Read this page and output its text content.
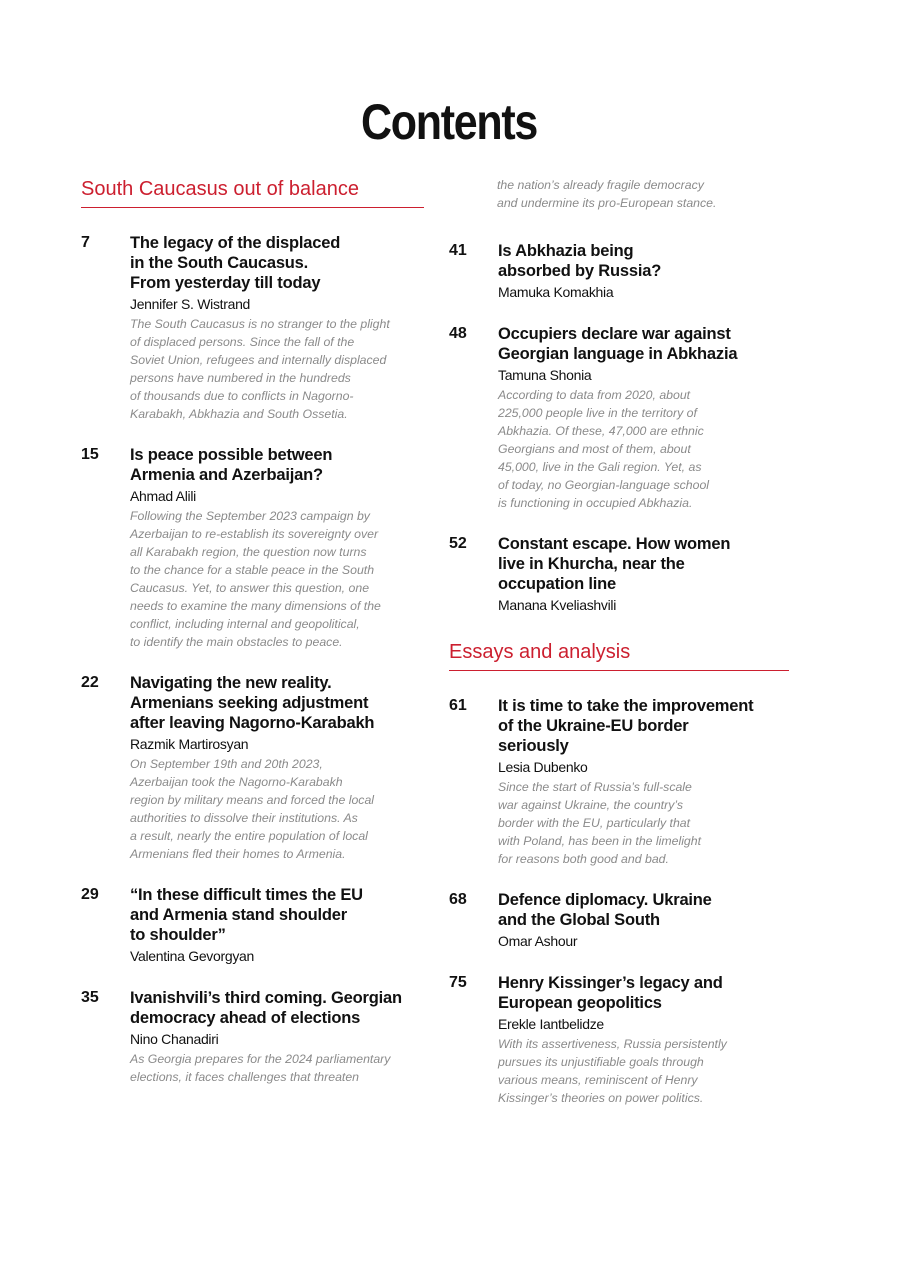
Contents
South Caucasus out of balance
7 The legacy of the displaced
in the South Caucasus.
From yesterday till today
Jennifer S. Wistrand
The South Caucasus is no stranger to the plight
of displaced persons. Since the fall of the
Soviet Union, refugees and internally displaced
persons have numbered in the hundreds
of thousands due to conflicts in Nagorno-
Karabakh, Abkhazia and South Ossetia.
15 Is peace possible between
Armenia and Azerbaijan?
Ahmad Alili
Following the September 2023 campaign by
Azerbaijan to re-establish its sovereignty over
all Karabakh region, the question now turns
to the chance for a stable peace in the South
Caucasus. Yet, to answer this question, one
needs to examine the many dimensions of the
conflict, including internal and geopolitical,
to identify the main obstacles to peace.
22 Navigating the new reality.
Armenians seeking adjustment
after leaving Nagorno-Karabakh
Razmik Martirosyan
On September 19th and 20th 2023,
Azerbaijan took the Nagorno-Karabakh
region by military means and forced the local
authorities to dissolve their institutions. As
a result, nearly the entire population of local
Armenians fled their homes to Armenia.
29 “In these difficult times the EU
and Armenia stand shoulder
to shoulder”
Valentina Gevorgyan
35 Ivanishvili’s third coming. Georgian
democracy ahead of elections
Nino Chanadiri
As Georgia prepares for the 2024 parliamentary
elections, it faces challenges that threaten
the nation’s already fragile democracy
and undermine its pro-European stance.
41 Is Abkhazia being
absorbed by Russia?
Mamuka Komakhia
48 Occupiers declare war against
Georgian language in Abkhazia
Tamuna Shonia
According to data from 2020, about
225,000 people live in the territory of
Abkhazia. Of these, 47,000 are ethnic
Georgians and most of them, about
45,000, live in the Gali region. Yet, as
of today, no Georgian-language school
is functioning in occupied Abkhazia.
52 Constant escape. How women
live in Khurcha, near the
occupation line
Manana Kveliashvili
Essays and analysis
61 It is time to take the improvement
of the Ukraine-EU border
seriously
Lesia Dubenko
Since the start of Russia’s full-scale
war against Ukraine, the country’s
border with the EU, particularly that
with Poland, has been in the limelight
for reasons both good and bad.
68 Defence diplomacy. Ukraine
and the Global South
Omar Ashour
75 Henry Kissinger’s legacy and
European geopolitics
Erekle Iantbelidze
With its assertiveness, Russia persistently
pursues its unjustifiable goals through
various means, reminiscent of Henry
Kissinger’s theories on power politics.
